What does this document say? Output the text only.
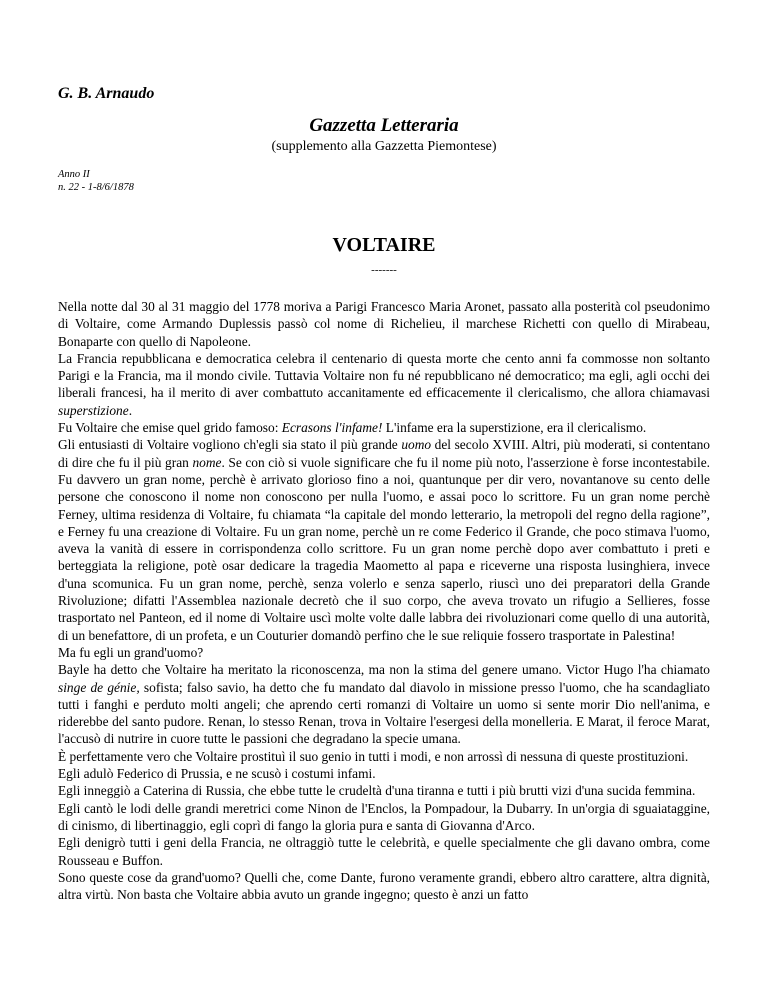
G. B. Arnaudo
Gazzetta Letteraria
(supplemento alla Gazzetta Piemontese)
Anno II
n. 22 - 1-8/6/1878
VOLTAIRE
-------

Nella notte dal 30 al 31 maggio del 1778 moriva a Parigi Francesco Maria Aronet, passato alla posterità col pseudonimo di Voltaire, come Armando Duplessis passò col nome di Richelieu, il marchese Richetti con quello di Mirabeau, Bonaparte con quello di Napoleone.

La Francia repubblicana e democratica celebra il centenario di questa morte che cento anni fa commosse non soltanto Parigi e la Francia, ma il mondo civile. Tuttavia Voltaire non fu né repubblicano né democratico; ma egli, agli occhi dei liberali francesi, ha il merito di aver combattuto accanitamente ed efficacemente il clericalismo, che allora chiamavasi superstizione.

Fu Voltaire che emise quel grido famoso: Ecrasons l'infame! L'infame era la superstizione, era il clericalismo.

Gli entusiasti di Voltaire vogliono ch'egli sia stato il più grande uomo del secolo XVIII. Altri, più moderati, si contentano di dire che fu il più gran nome. Se con ciò si vuole significare che fu il nome più noto, l'asserzione è forse incontestabile. Fu davvero un gran nome, perchè è arrivato glorioso fino a noi, quantunque per dir vero, novantanove su cento delle persone che conoscono il nome non conoscono per nulla l'uomo, e assai poco lo scrittore. Fu un gran nome perchè Ferney, ultima residenza di Voltaire, fu chiamata “la capitale del mondo letterario, la metropoli del regno della ragione”, e Ferney fu una creazione di Voltaire. Fu un gran nome, perchè un re come Federico il Grande, che poco stimava l'uomo, aveva la vanità di essere in corrispondenza collo scrittore. Fu un gran nome perchè dopo aver combattuto i preti e berteggiata la religione, potè osar dedicare la tragedia Maometto al papa e riceverne una risposta lusinghiera, invece d'una scomunica. Fu un gran nome, perchè, senza volerlo e senza saperlo, riuscì uno dei preparatori della Grande Rivoluzione; difatti l'Assemblea nazionale decretò che il suo corpo, che aveva trovato un rifugio a Sellieres, fosse trasportato nel Panteon, ed il nome di Voltaire uscì molte volte dalle labbra dei rivoluzionari come quello di una autorità, di un benefattore, di un profeta, e un Couturier domandò perfino che le sue reliquie fossero trasportate in Palestina!

Ma fu egli un grand'uomo?

Bayle ha detto che Voltaire ha meritato la riconoscenza, ma non la stima del genere umano. Victor Hugo l'ha chiamato singe de génie, sofista; falso savio, ha detto che fu mandato dal diavolo in missione presso l'uomo, che ha scandagliato tutti i fanghi e perduto molti angeli; che aprendo certi romanzi di Voltaire un uomo si sente morir Dio nell'anima, e riderebbe del santo pudore. Renan, lo stesso Renan, trova in Voltaire l'esergesi della monelleria. E Marat, il feroce Marat, l'accusò di nutrire in cuore tutte le passioni che degradano la specie umana.

È perfettamente vero che Voltaire prostituì il suo genio in tutti i modi, e non arrossì di nessuna di queste prostituzioni.

Egli adulò Federico di Prussia, e ne scusò i costumi infami.

Egli inneggiò a Caterina di Russia, che ebbe tutte le crudeltà d'una tiranna e tutti i più brutti vizi d'una sucida femmina.

Egli cantò le lodi delle grandi meretrici come Ninon de l'Enclos, la Pompadour, la Dubarry. In un'orgia di sguaiataggine, di cinismo, di libertinaggio, egli coprì di fango la gloria pura e santa di Giovanna d'Arco.

Egli denigrò tutti i geni della Francia, ne oltraggiò tutte le celebrità, e quelle specialmente che gli davano ombra, come Rousseau e Buffon.

Sono queste cose da grand'uomo? Quelli che, come Dante, furono veramente grandi, ebbero altro carattere, altra dignità, altra virtù. Non basta che Voltaire abbia avuto un grande ingegno; questo è anzi un fatto
